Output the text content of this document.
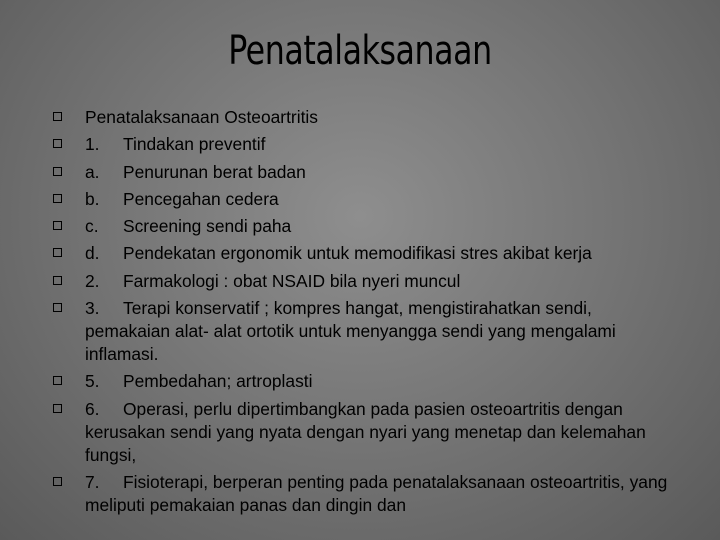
Penatalaksanaan
Penatalaksanaan Osteoartritis
1. Tindakan preventif
a. Penurunan berat badan
b. Pencegahan cedera
c. Screening sendi paha
d. Pendekatan ergonomik untuk memodifikasi stres akibat kerja
2. Farmakologi : obat NSAID bila nyeri muncul
3. Terapi konservatif ; kompres hangat, mengistirahatkan sendi, pemakaian alat- alat ortotik untuk menyangga sendi yang mengalami inflamasi.
5. Pembedahan; artroplasti
6. Operasi, perlu dipertimbangkan pada pasien osteoartritis dengan kerusakan sendi yang nyata dengan nyari yang menetap dan kelemahan fungsi,
7. Fisioterapi, berperan penting pada penatalaksanaan osteoartritis, yang meliputi pemakaian panas dan dingin dan
